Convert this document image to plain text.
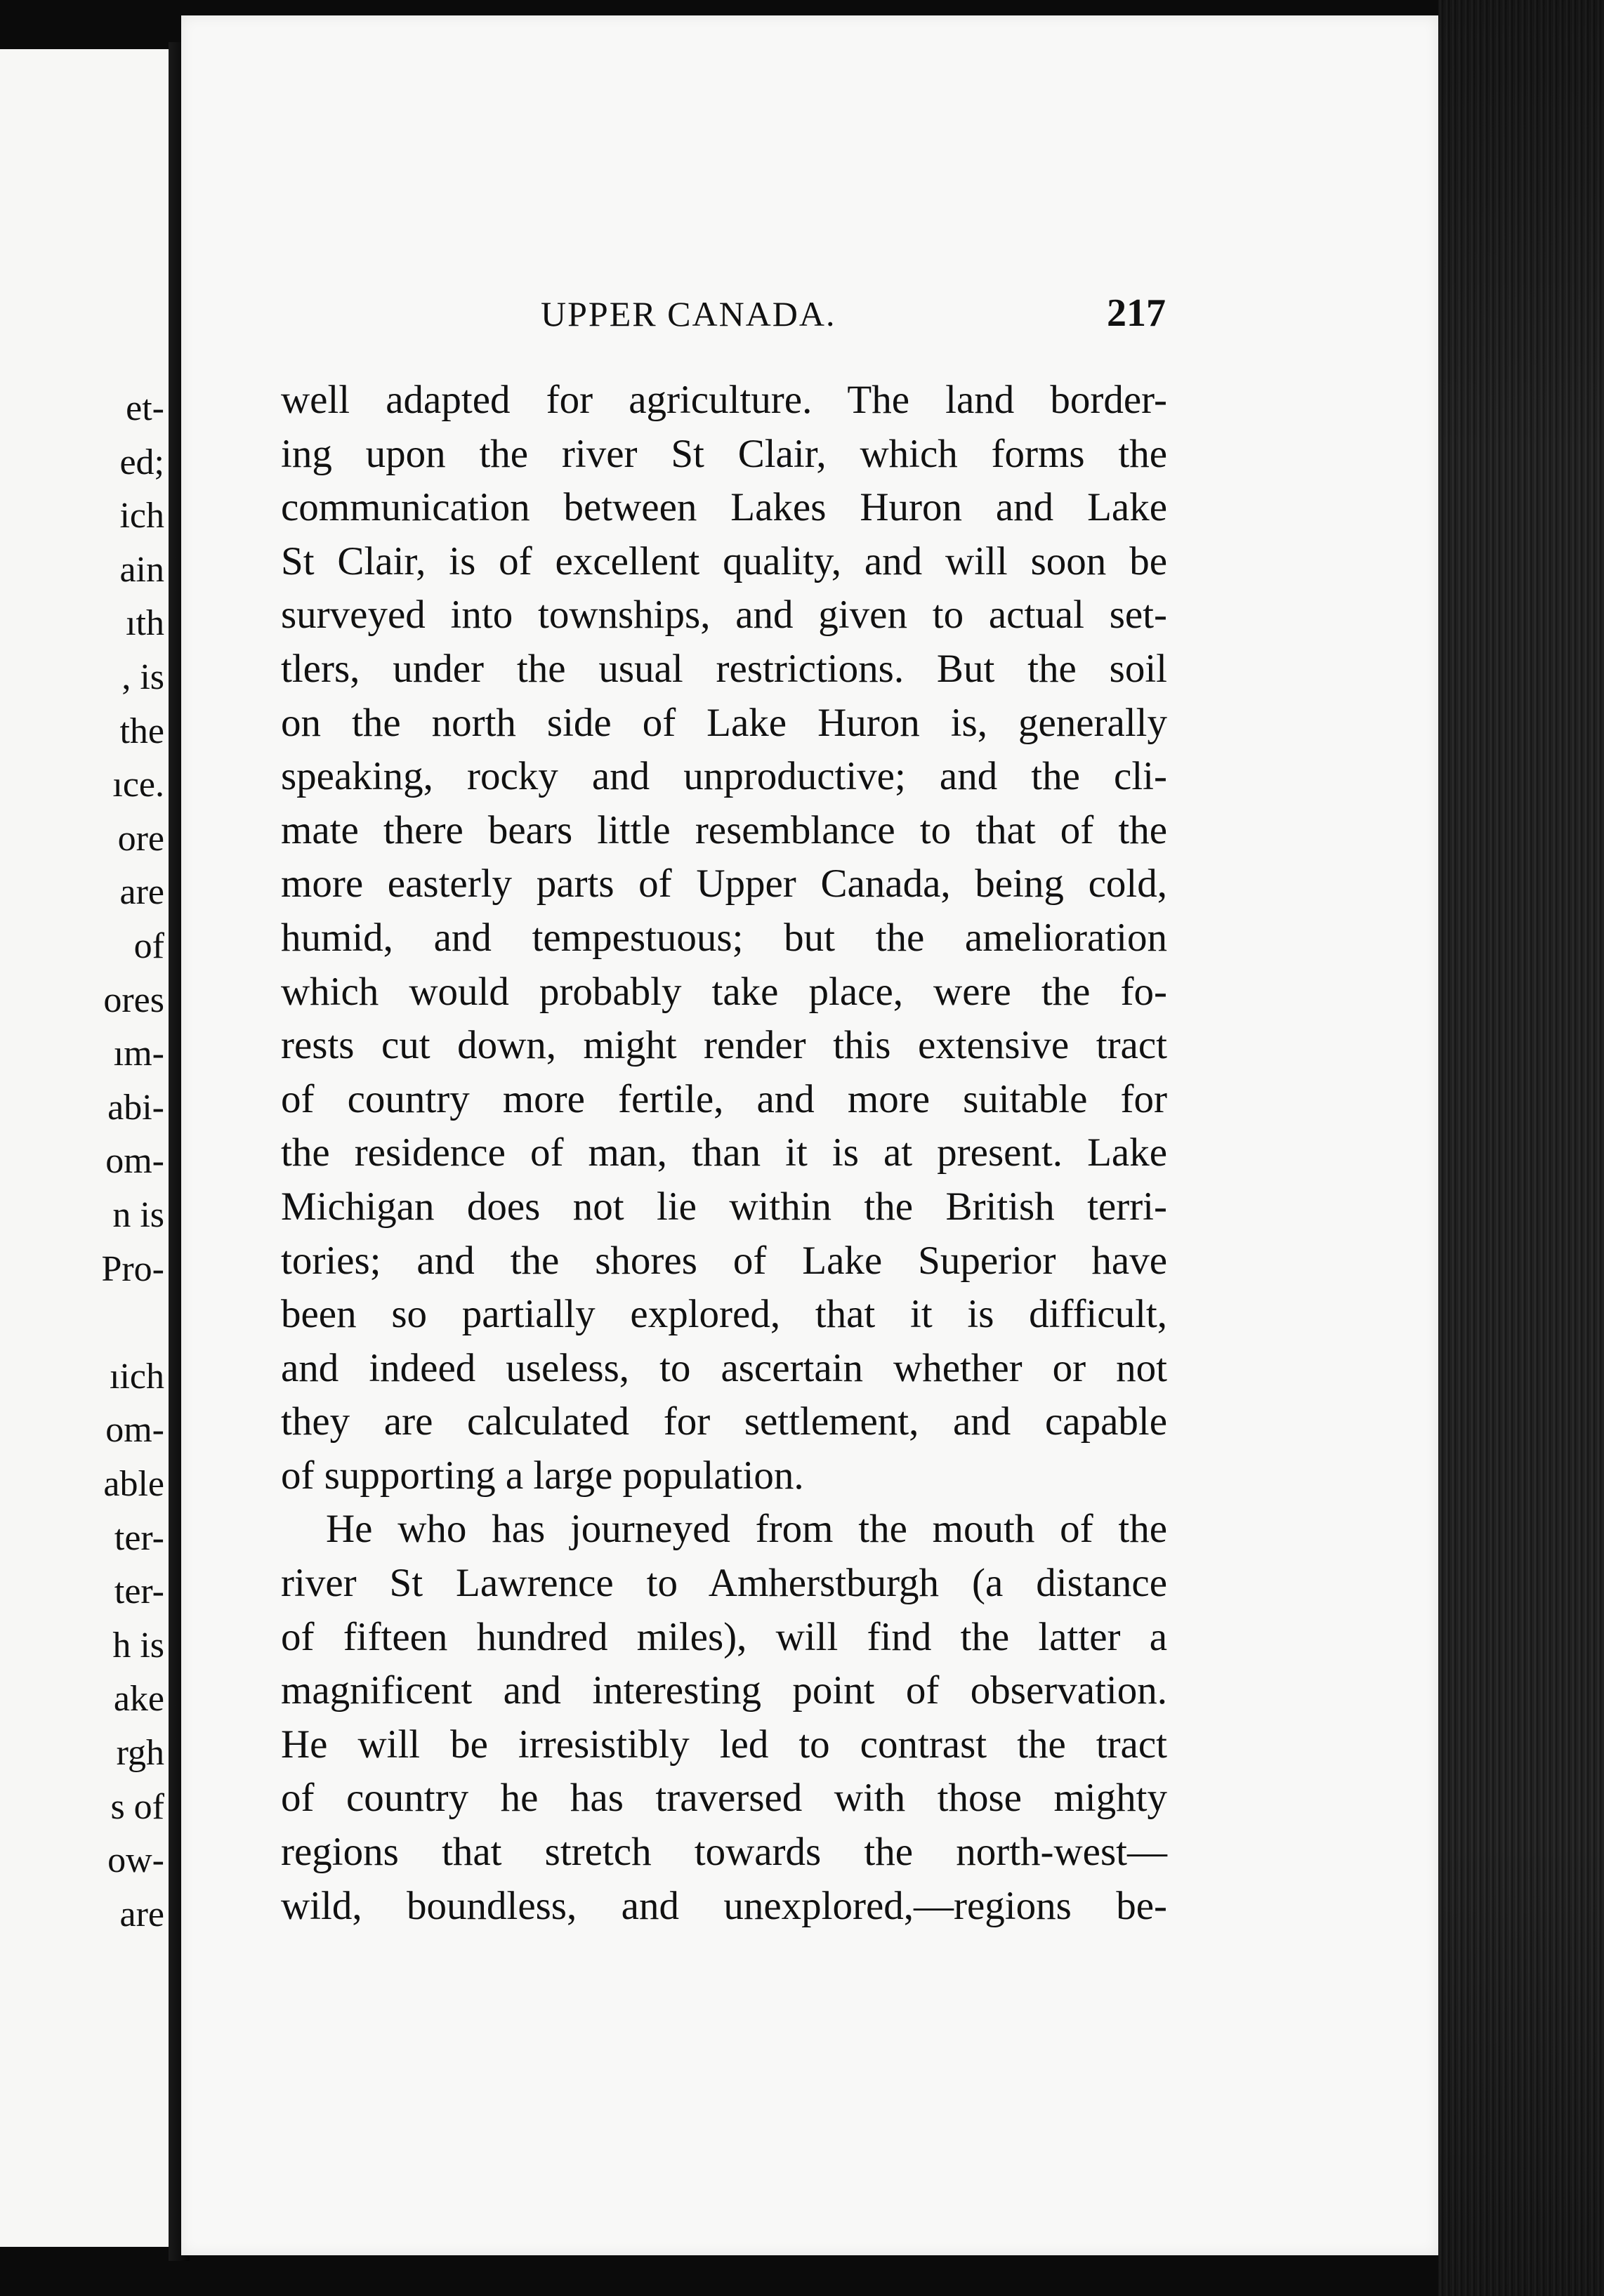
et-
ed;
ich
ain
ıth
, is
the
ıce.
ore
are
of
ores
ım-
abi-
om-
n is
Pro-
ıich
om-
able
ter-
ter-
h is
ake
rgh
s of
ow-
are
UPPER CANADA.	217
well adapted for agriculture. The land border-
ing upon the river St Clair, which forms the
communication between Lakes Huron and Lake
St Clair, is of excellent quality, and will soon be
surveyed into townships, and given to actual set-
tlers, under the usual restrictions. But the soil
on the north side of Lake Huron is, generally
speaking, rocky and unproductive; and the cli-
mate there bears little resemblance to that of the
more easterly parts of Upper Canada, being cold,
humid, and tempestuous; but the amelioration
which would probably take place, were the fo-
rests cut down, might render this extensive tract
of country more fertile, and more suitable for
the residence of man, than it is at present. Lake
Michigan does not lie within the British terri-
tories; and the shores of Lake Superior have
been so partially explored, that it is difficult,
and indeed useless, to ascertain whether or not
they are calculated for settlement, and capable
of supporting a large population.
He who has journeyed from the mouth of the
river St Lawrence to Amherstburgh (a distance
of fifteen hundred miles), will find the latter a
magnificent and interesting point of observation.
He will be irresistibly led to contrast the tract
of country he has traversed with those mighty
regions that stretch towards the north-west—
wild, boundless, and unexplored,—regions be-
